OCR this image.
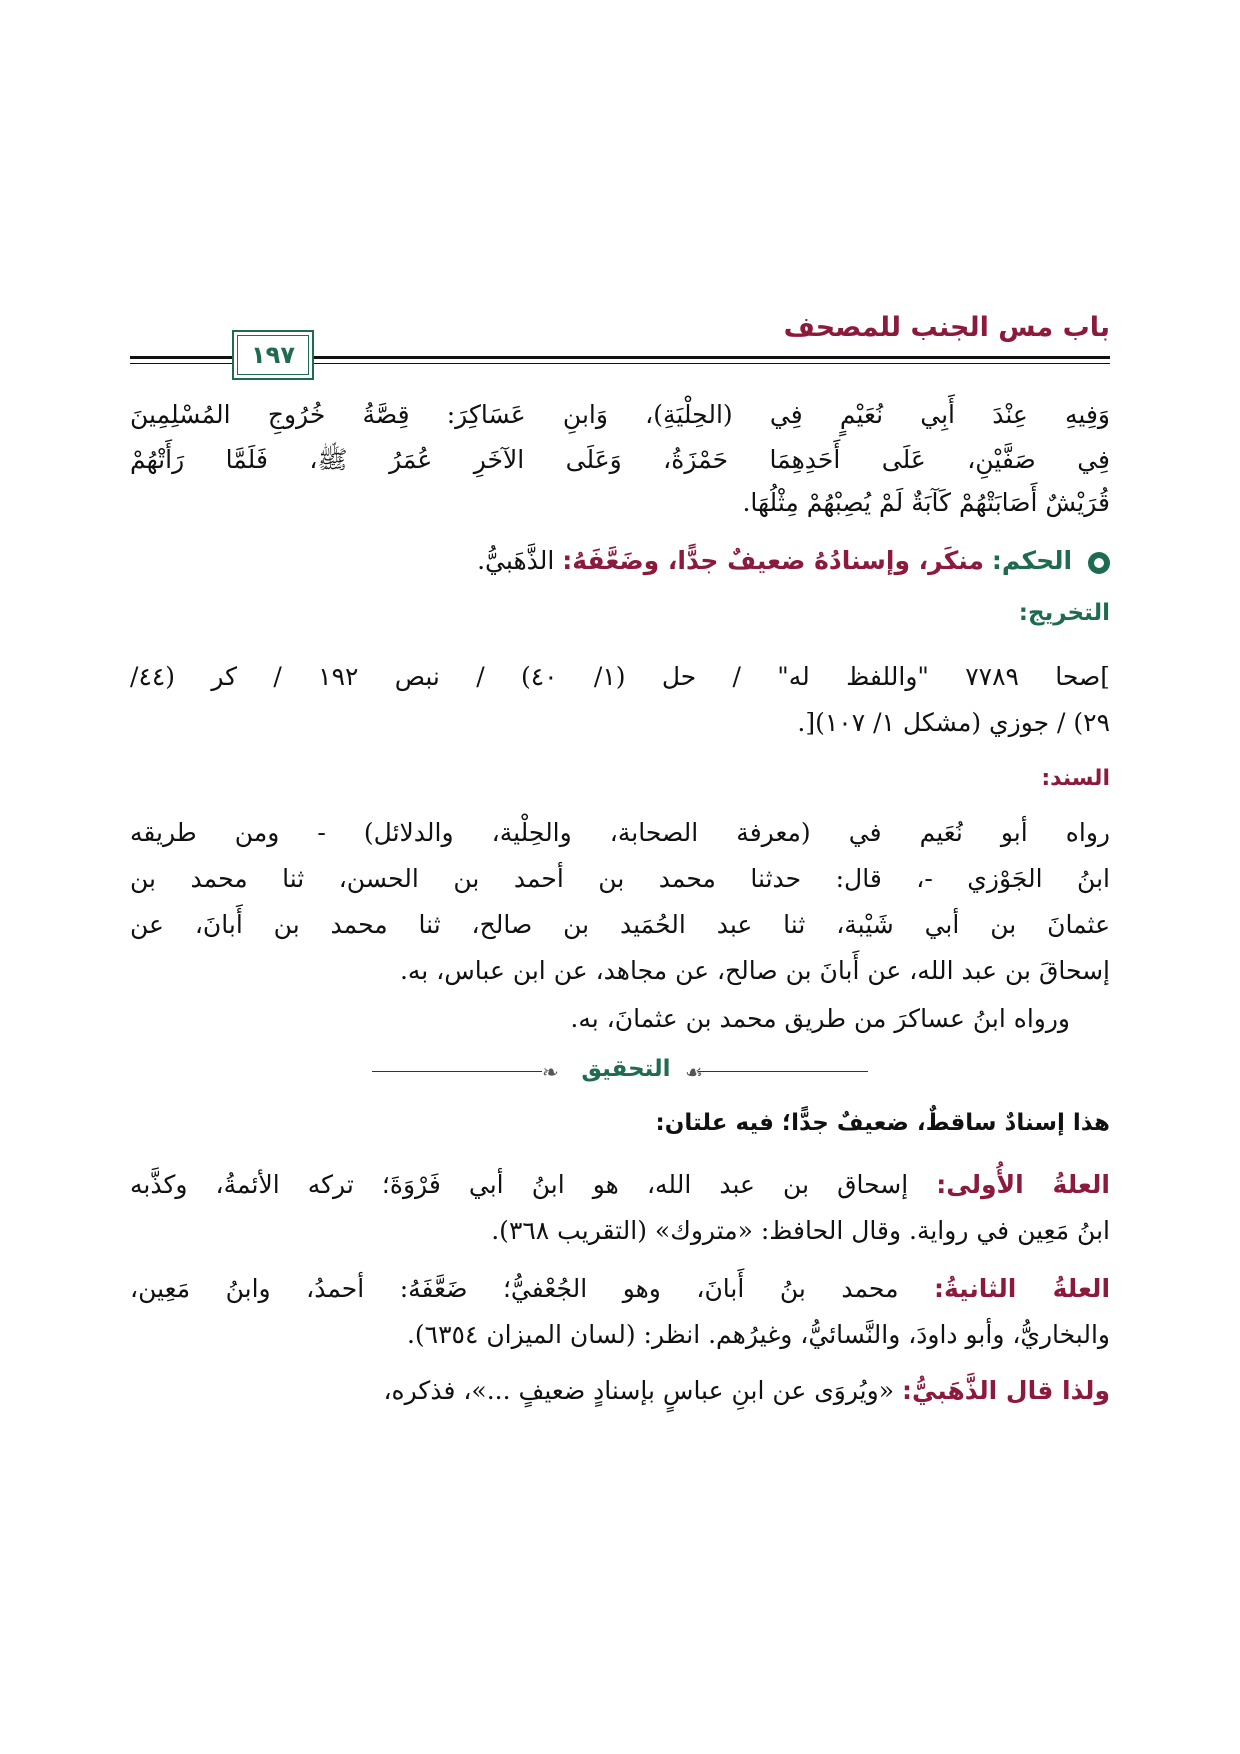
باب مس الجنب للمصحف
١٩٧
وَفِيهِ عِنْدَ أَبِي نُعَيْمٍ فِي (الحِلْيَةِ)، وَابنِ عَسَاكِرَ: قِصَّةُ خُرُوجِ المُسْلِمِينَ
فِي صَفَّيْنِ، عَلَى أَحَدِهِمَا حَمْزَةُ، وَعَلَى الآخَرِ عُمَرُ ﷺ، فَلَمَّا رَأَتْهُمْ
قُرَيْشٌ أَصَابَتْهُمْ كَآبَةٌ لَمْ يُصِبْهُمْ مِثْلُهَا.
الحكم: منكَر، وإسنادُهُ ضعيفٌ جدًّا، وضَعَّفَهُ: الذَّهَبيُّ.
التخريج:
]صحا ٧٧٨٩ "واللفظ له" / حل (١/ ٤٠) / نبص ١٩٢ / كر (٤٤/
٢٩) / جوزي (مشكل ١/ ١٠٧)[.
السند:
رواه أبو نُعَيم في (معرفة الصحابة، والحِلْية، والدلائل) - ومن طريقه
ابنُ الجَوْزي -، قال: حدثنا محمد بن أحمد بن الحسن، ثنا محمد بن
عثمانَ بن أبي شَيْبة، ثنا عبد الحُمَيد بن صالح، ثنا محمد بن أَبانَ، عن
إسحاقَ بن عبد الله، عن أَبانَ بن صالح، عن مجاهد، عن ابن عباس، به.
ورواه ابنُ عساكرَ من طريق محمد بن عثمانَ، به.
❧ التحقيق ☙
هذا إسنادٌ ساقطٌ، ضعيفٌ جدًّا؛ فيه علتان:
العلةُ الأُولى: إسحاق بن عبد الله، هو ابنُ أبي فَرْوَةَ؛ تركه الأئمةُ، وكذَّبه
ابنُ مَعِين في رواية. وقال الحافظ: «متروك» (التقريب ٣٦٨).
العلةُ الثانيةُ: محمد بنُ أَبانَ، وهو الجُعْفيُّ؛ ضَعَّفَهُ: أحمدُ، وابنُ مَعِين،
والبخاريُّ، وأبو داودَ، والنَّسائيُّ، وغيرُهم. انظر: (لسان الميزان ٦٣٥٤).
ولذا قال الذَّهَبيُّ: «ويُروَى عن ابنِ عباسٍ بإسنادٍ ضعيفٍ ...»، فذكره،
